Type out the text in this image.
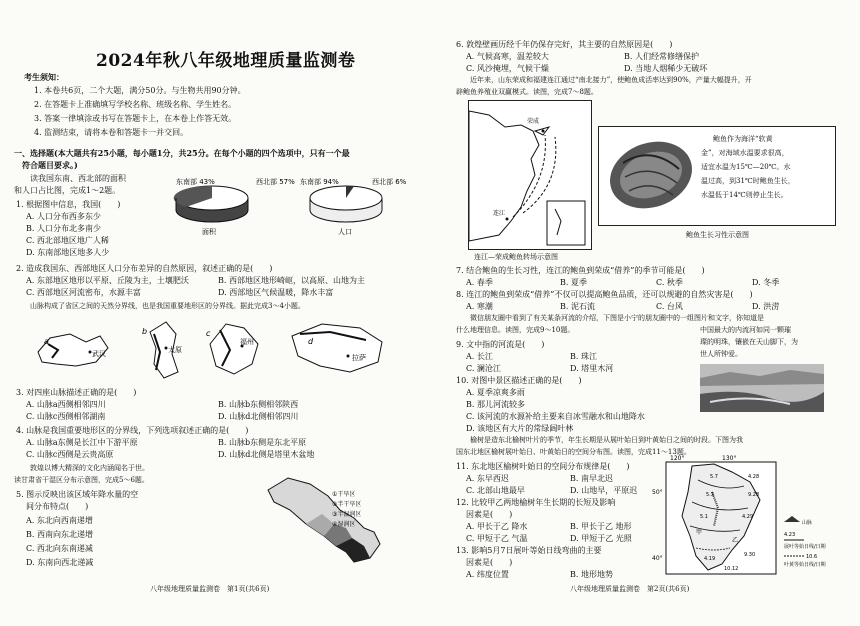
2024年秋八年级地理质量监测卷
考生须知：
1. 本卷共6页，二个大题，满分50分。与生物共用90分钟。
2. 在答题卡上准确填写学校名称、班级名称、学生姓名。
3. 答案一律填涂或书写在答题卡上，在本卷上作答无效。
4. 监测结束，请将本卷和答题卡一并交回。
一、选择题(本大题共有25小题，每小题1分，共25分。在每个小题的四个选项中，只有一个最
符合题目要求。)
读我国东南、西北部的面积
和人口占比图，完成1～2题。
东南部 43%	西北部 57%
面积
东南部 94%	西北部 6%
人口
1. 根据图中信息，我国(　　)
A. 人口分布西多东少
B. 人口分布北多南少
C. 西北部地区地广人稀
D. 东南部地区地多人少
2. 造成我国东、西部地区人口分布差异的自然原因，叙述正确的是(　　)
A. 东部地区地形以平原、丘陵为主，土壤肥沃	B. 西部地区地形崎岖，以高原、山地为主
C. 西部地区河流密布，水源丰富	D. 西部地区气候温暖，降水丰富
山脉构成了省区之间的天然分界线，也是我国重要地形区的分界线。据此完成3～4小题。
a
武汉
b
太原
c
福州	d
拉萨
3. 对四座山脉描述正确的是(　　)
A. 山脉a西侧相邻四川	B. 山脉b东侧相邻陕西
C. 山脉c西侧相邻湖南	D. 山脉d北侧相邻四川
4. 山脉是我国重要地形区的分界线，下列选项叙述正确的是(　　)
A. 山脉a东侧是长江中下游平原	B. 山脉b东侧是东北平原
C. 山脉c西侧是云贵高原	D. 山脉d北侧是塔里木盆地
敦煌以博大精深的文化内涵闻名于世。
读甘肃省干湿区分布示意图，完成5～6题。
①干旱区
②半干旱区
③半湿润区
④湿润区
5. 图示反映出该区域年降水量的空
间分布特点(　　)
A. 东北向西南递增
B. 西南向东北递增
C. 西北向东南递减
D. 东南向西北递减
八年级地理质量监测卷　第1页(共6页)
6. 敦煌壁画历经千年仍保存完好，其主要的自然原因是(　　)
A. 气候高寒，温差较大	B. 人们经常修缮保护
C. 风沙掩埋，气候干燥	D. 当地人烟稀少无破坏
近年来，山东荣成和福建连江通过“南北接力”，使鲍鱼成活率达到90%，产量大幅提升，开
辟鲍鱼养殖业双赢模式。读图，完成7～8题。
荣成
连江
连江—荣成鲍鱼转场示意图
鲍鱼作为海洋“软黄
金”，对海域水温要求很高，
适宜水温为15℃—20℃。水
温过高，到31℃时鲍鱼生长，
水温低于14℃则停止生长。
鲍鱼生长习性示意图
7. 结合鲍鱼的生长习性，连江的鲍鱼到荣成“借养”的季节可能是(　　)
A. 春季	B. 夏季	C. 秋季	D. 冬季
8. 连江的鲍鱼到荣成“借养”不仅可以提高鲍鱼品质，还可以规避的自然灾害是(　　)
A. 寒潮	B. 泥石流	C. 台风	D. 洪涝
微信朋友圈中看到了有关某条河流的介绍，下图是小宁的朋友圈中的一组图片和文字，你知道是
什么地理信息。读图，完成9～10题。	中国最大的内流河如同一颗璀
璨的明珠，镶嵌在天山脚下，为
世人所钟爱。
9. 文中指的河流是(　　)
A. 长江	B. 珠江
C. 澜沧江	D. 塔里木河
10. 对图中景区描述正确的是(　　)
A. 夏季凉爽多雨
B. 那儿河流较多
C. 该河流的水源补给主要来自冰雪融水和山地降水
D. 该地区有大片的常绿阔叶林
榆树是造东北榆树叶片的季节，年生长期是从展叶始日到叶黄始日之间的时段。下图为我
国东北地区榆树展叶始日、叶黄始日的空间分布图。读图，完成11～13题。
11. 东北地区榆树叶始日的空间分布规律是(　　)
A. 东早西迟	B. 南早北迟
C. 北部山地最早	D. 山地早，平原迟
12. 比较甲乙两地榆树年生长期的长短及影响
因素是(　　)
A. 甲长于乙 降水	B. 甲长于乙 地形
C. 甲短于乙 气温	D. 甲短于乙 光照
13. 影响5月7日展叶等始日线弯曲的主要
因素是(　　)
A. 纬度位置	B. 地形地势
120°	130°
50°
40°
5.7	4.28
5.3	9.28
5.1	4.29
甲
乙
4.19
10.12
9.30
山脉
4.23
展叶等始日线/日期
10.6
叶黄等始日线/日期
八年级地理质量监测卷　第2页(共6页)
